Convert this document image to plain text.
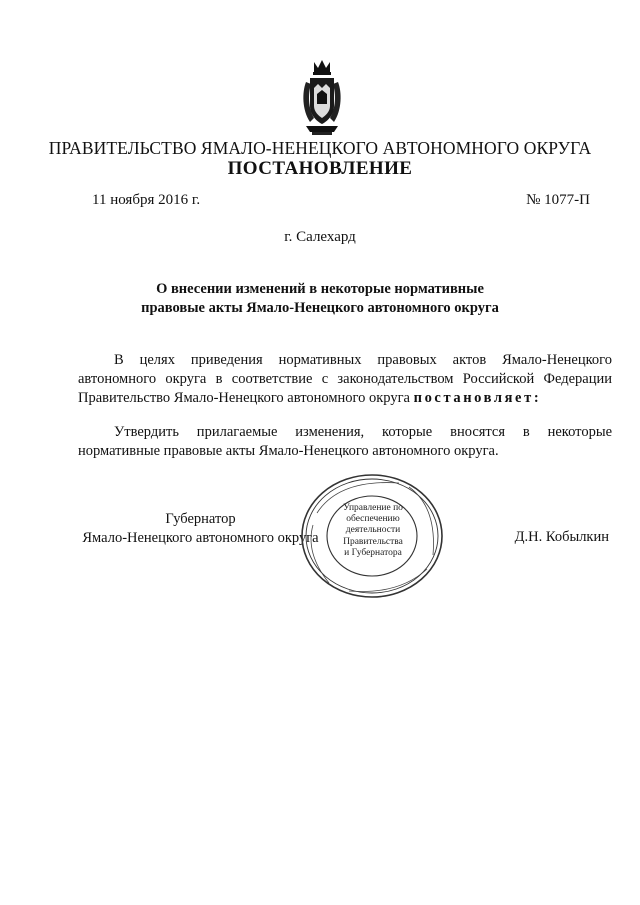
ПРАВИТЕЛЬСТВО ЯМАЛО-НЕНЕЦКОГО АВТОНОМНОГО ОКРУГА
ПОСТАНОВЛЕНИЕ
11 ноября 2016 г.	№ 1077-П
г. Салехард
О внесении изменений в некоторые нормативные
правовые акты Ямало-Ненецкого автономного округа
В целях приведения нормативных правовых актов Ямало-Ненецкого автономного округа в соответствие с законодательством Российской Федерации Правительство Ямало-Ненецкого автономного округа постановляет:
Утвердить прилагаемые изменения, которые вносятся в некоторые нормативные правовые акты Ямало-Ненецкого автономного округа.
Губернатор
Ямало-Ненецкого автономного округа	Д.Н. Кобылкин
Управление по
обеспечению
деятельности
Правительства
и Губернатора
